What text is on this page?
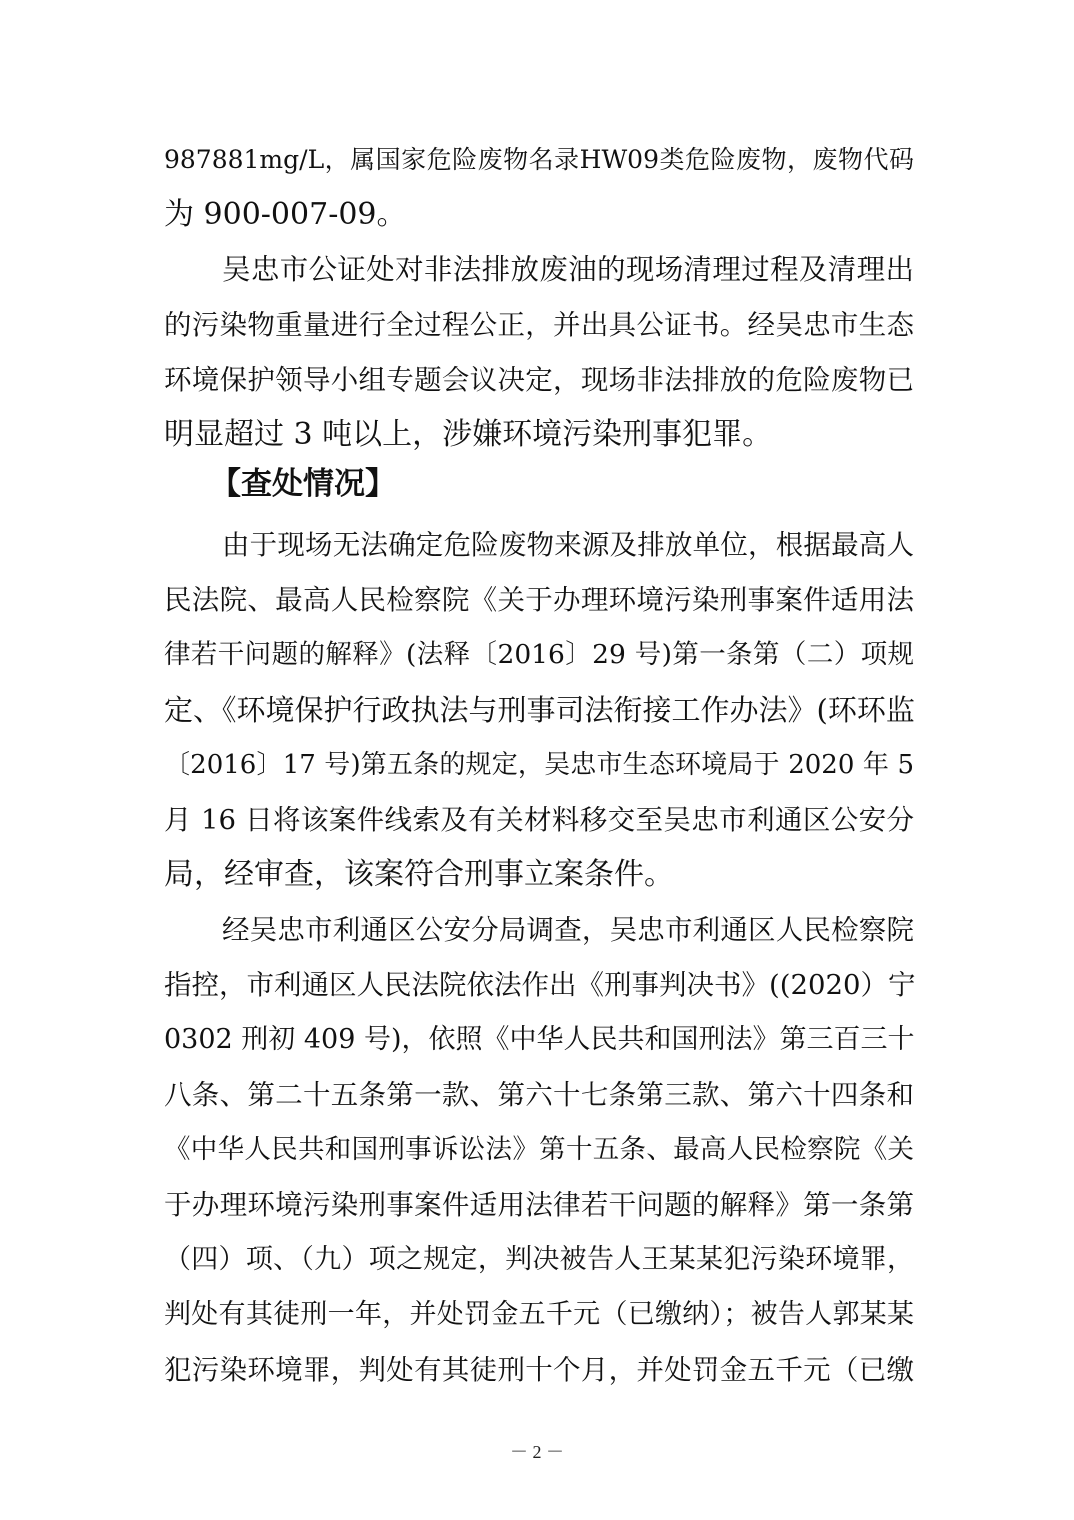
987881mg/L，属国家危险废物名录HW09类危险废物，废物代码
为 900-007-09。
吴忠市公证处对非法排放废油的现场清理过程及清理出
的污染物重量进行全过程公正，并出具公证书。经吴忠市生态
环境保护领导小组专题会议决定，现场非法排放的危险废物已
明显超过 3 吨以上，涉嫌环境污染刑事犯罪。
【查处情况】
由于现场无法确定危险废物来源及排放单位，根据最高人
民法院、最高人民检察院《关于办理环境污染刑事案件适用法
律若干问题的解释》(法释〔2016〕29 号)第一条第（二）项规
定、《环境保护行政执法与刑事司法衔接工作办法》(环环监
〔2016〕17 号)第五条的规定，吴忠市生态环境局于 2020 年 5
月 16 日将该案件线索及有关材料移交至吴忠市利通区公安分
局，经审查，该案符合刑事立案条件。
经吴忠市利通区公安分局调查，吴忠市利通区人民检察院
指控，市利通区人民法院依法作出《刑事判决书》((2020）宁
0302 刑初 409 号)，依照《中华人民共和国刑法》第三百三十
八条、第二十五条第一款、第六十七条第三款、第六十四条和
《中华人民共和国刑事诉讼法》第十五条、最高人民检察院《关
于办理环境污染刑事案件适用法律若干问题的解释》第一条第
（四）项、（九）项之规定，判决被告人王某某犯污染环境罪，
判处有其徒刑一年，并处罚金五千元（已缴纳）；被告人郭某某
犯污染环境罪，判处有其徒刑十个月，并处罚金五千元（已缴
－ 2 －
